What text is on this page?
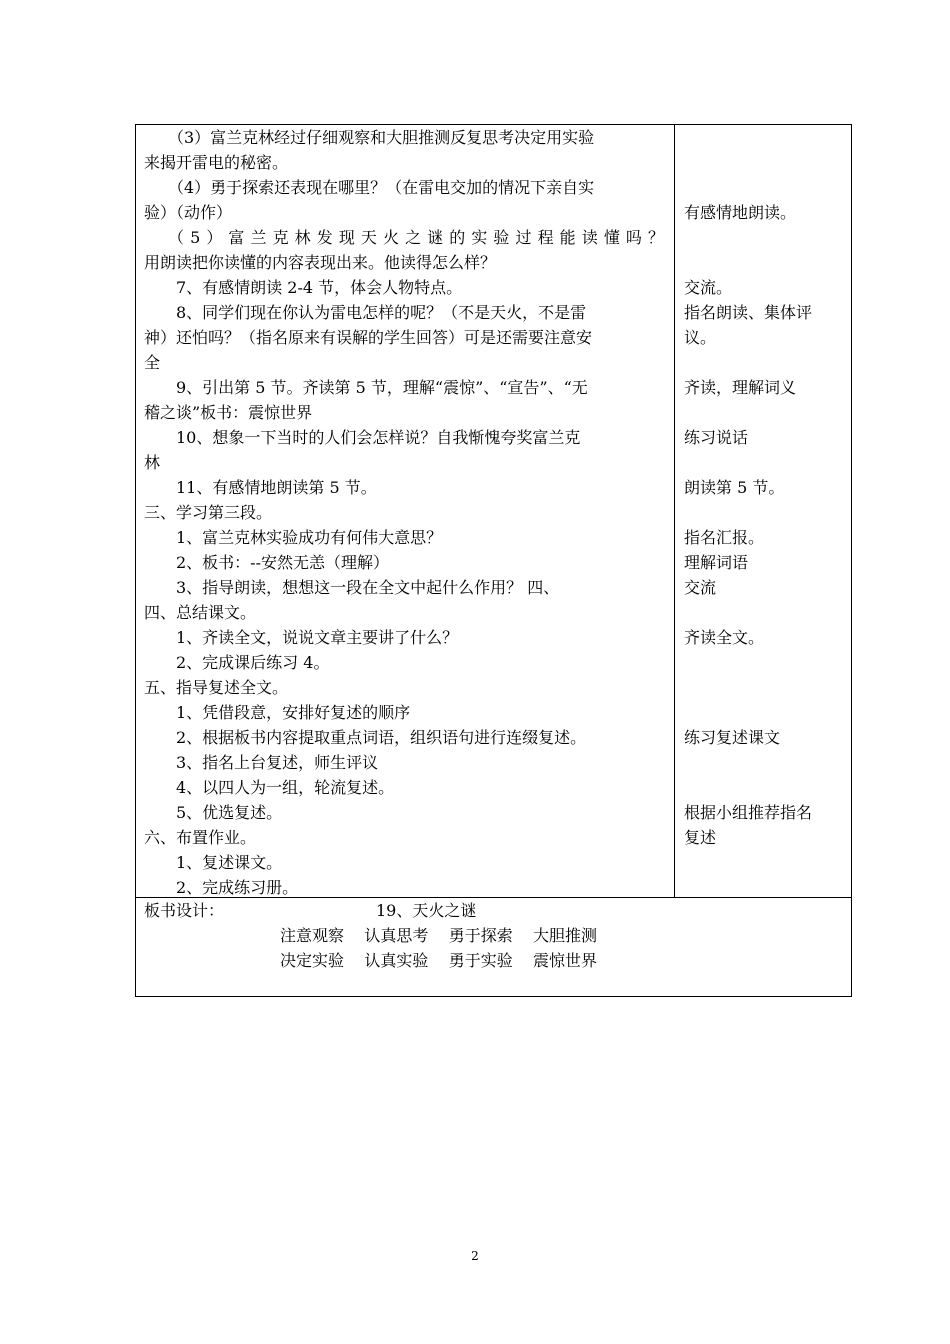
（3）富兰克林经过仔细观察和大胆推测反复思考决定用实验
来揭开雷电的秘密。
（4）勇于探索还表现在哪里？（在雷电交加的情况下亲自实
验）（动作）
（5）富兰克林发现天火之谜的实验过程能读懂吗？
用朗读把你读懂的内容表现出来。他读得怎么样？
7、有感情朗读 2-4 节，体会人物特点。
8、同学们现在你认为雷电怎样的呢？（不是天火，不是雷
神）还怕吗？（指名原来有误解的学生回答）可是还需要注意安
全
9、引出第 5 节。齐读第 5 节，理解“震惊”、“宣告”、“无
稽之谈”板书：震惊世界
10、想象一下当时的人们会怎样说？自我惭愧夸奖富兰克
林
11、有感情地朗读第 5 节。
三、学习第三段。
1、富兰克林实验成功有何伟大意思？
2、板书：--安然无恙（理解）
3、指导朗读，想想这一段在全文中起什么作用？ 四、
四、总结课文。
1、齐读全文，说说文章主要讲了什么？
2、完成课后练习 4。
五、指导复述全文。
1、凭借段意，安排好复述的顺序
2、根据板书内容提取重点词语，组织语句进行连缀复述。
3、指名上台复述，师生评议
4、以四人为一组，轮流复述。
5、优选复述。
六、布置作业。
1、复述课文。
2、完成练习册。
有感情地朗读。
交流。
指名朗读、集体评
议。
齐读，理解词义
练习说话
朗读第 5 节。
指名汇报。
理解词语
交流
齐读全文。
练习复述课文
根据小组推荐指名
复述
板书设计：	19、天火之谜
注意观察    认真思考    勇于探索    大胆推测
决定实验    认真实验    勇于实验    震惊世界
2
